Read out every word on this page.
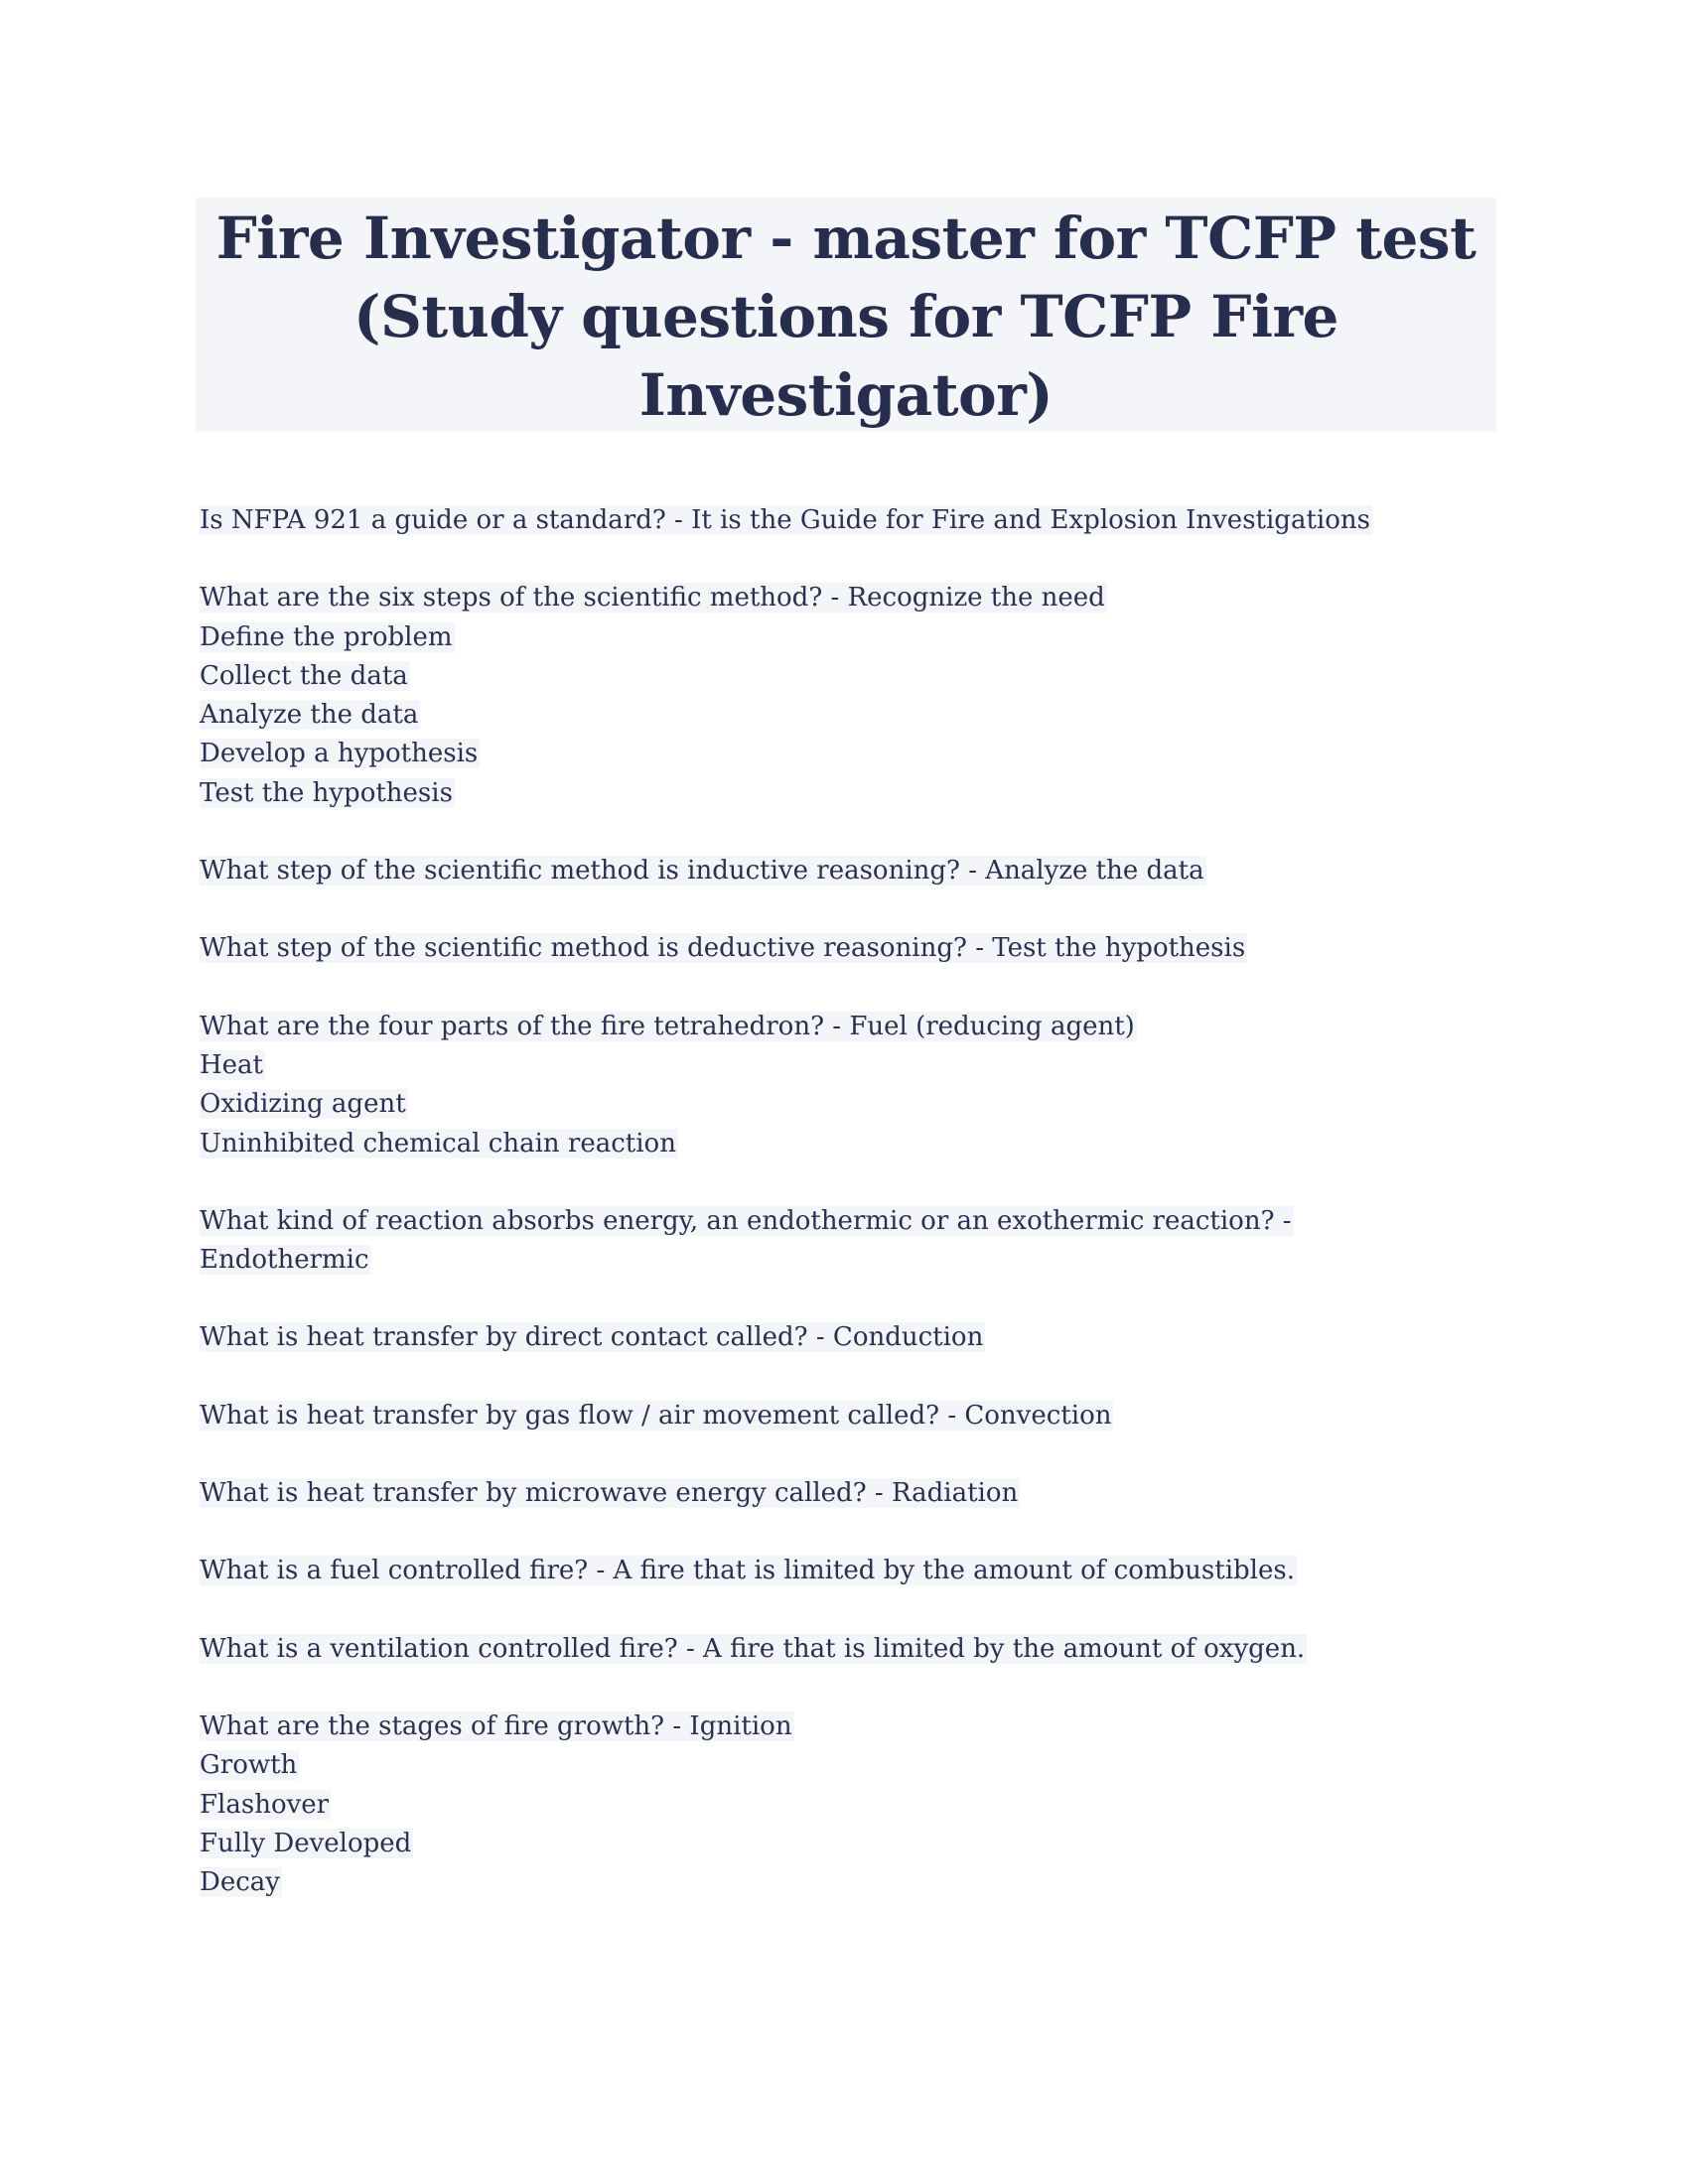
Fire Investigator - master for TCFP test
(Study questions for TCFP Fire
Investigator)
Is NFPA 921 a guide or a standard? - It is the Guide for Fire and Explosion Investigations
What are the six steps of the scientific method? - Recognize the need
Define the problem
Collect the data
Analyze the data
Develop a hypothesis
Test the hypothesis
What step of the scientific method is inductive reasoning? - Analyze the data
What step of the scientific method is deductive reasoning? - Test the hypothesis
What are the four parts of the fire tetrahedron? - Fuel (reducing agent)
Heat
Oxidizing agent
Uninhibited chemical chain reaction
What kind of reaction absorbs energy, an endothermic or an exothermic reaction? -
Endothermic
What is heat transfer by direct contact called? - Conduction
What is heat transfer by gas flow / air movement called? - Convection
What is heat transfer by microwave energy called? - Radiation
What is a fuel controlled fire? - A fire that is limited by the amount of combustibles.
What is a ventilation controlled fire? - A fire that is limited by the amount of oxygen.
What are the stages of fire growth? - Ignition
Growth
Flashover
Fully Developed
Decay
